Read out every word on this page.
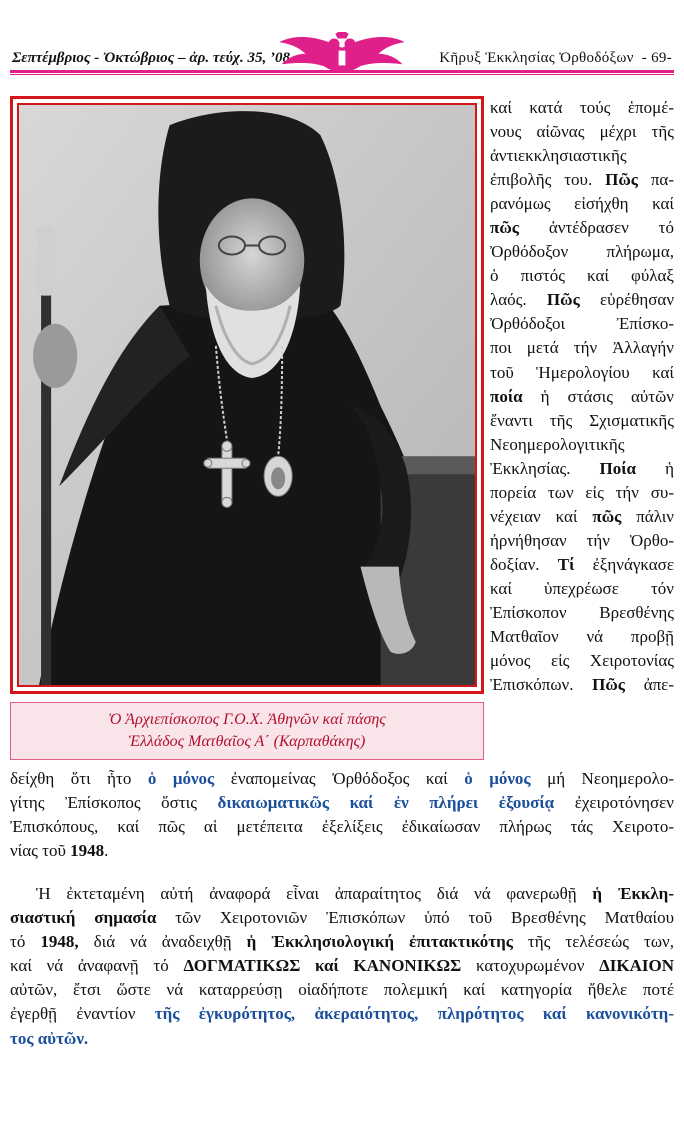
Σεπτέμβριος - Ὀκτώβριος – ἀρ. τεύχ. 35, ’08	Κῆρυξ Ἐκκλησίας Ὀρθοδόξων - 69-
Ὁ Ἀρχιεπίσκοπος Γ.Ο.Χ. Ἀθηνῶν καί πάσης
Ἑλλάδος Ματθαῖος Α΄ (Καρπαθάκης)
καί κατά τούς ἑπομέ-
νους αἰῶνας μέχρι τῆς
ἀντιεκκλησιαστικῆς
ἐπιβολῆς του. Πῶς πα-
ρανόμως εἰσήχθη καί
πῶς ἀντέδρασεν τό
Ὀρθόδοξον πλήρωμα,
ὁ πιστός καί φύλαξ
λαός. Πῶς εὑρέθησαν
Ὀρθόδοξοι Ἐπίσκο-
ποι μετά τήν Ἀλλαγήν
τοῦ Ἡμερολογίου καί
ποία ἡ στάσις αὐτῶν
ἔναντι τῆς Σχισματικῆς
Νεοημερολογιτικῆς
Ἐκκλησίας. Ποία ἡ
πορεία των εἰς τήν συ-
νέχειαν καί πῶς πάλιν
ἠρνήθησαν τήν Ὀρθο-
δοξίαν. Τί ἐξηνάγκασε
καί ὑπεχρέωσε τόν
Ἐπίσκοπον Βρεσθένης
Ματθαῖον νά προβῇ
μόνος εἰς Χειροτονίας
Ἐπισκόπων. Πῶς ἀπε-
δείχθη ὅτι ἦτο ὁ μόνος ἐναπομείνας Ὀρθόδοξος καί ὁ μόνος μή Νεοημερολο-
γίτης Ἐπίσκοπος ὅστις δικαιωματικῶς καί ἐν πλήρει ἐξουσίᾳ ἐχειροτόνησεν
Ἐπισκόπους, καί πῶς αἱ μετέπειτα ἐξελίξεις ἐδικαίωσαν πλήρως τάς Χειροτο-
νίας τοῦ 1948.
Ἡ ἐκτεταμένη αὐτή ἀναφορά εἶναι ἀπαραίτητος διά νά φανερωθῇ ἡ Ἐκκλη-
σιαστική σημασία τῶν Χειροτονιῶν Ἐπισκόπων ὑπό τοῦ Βρεσθένης Ματθαίου
τό 1948, διά νά ἀναδειχθῇ ἡ Ἐκκλησιολογική ἐπιτακτικότης τῆς τελέσεώς των,
καί νά ἀναφανῇ τό ΔΟΓΜΑΤΙΚΩΣ καί ΚΑΝΟΝΙΚΩΣ κατοχυρωμένον ΔΙΚΑΙΟΝ
αὐτῶν, ἔτσι ὥστε νά καταρρεύσῃ οἱαδήποτε πολεμική καί κατηγορία ἤθελε ποτέ
ἐγερθῇ ἐναντίον τῆς ἐγκυρότητος, ἀκεραιότητος, πληρότητος καί κανονικότη-
τος αὐτῶν.
